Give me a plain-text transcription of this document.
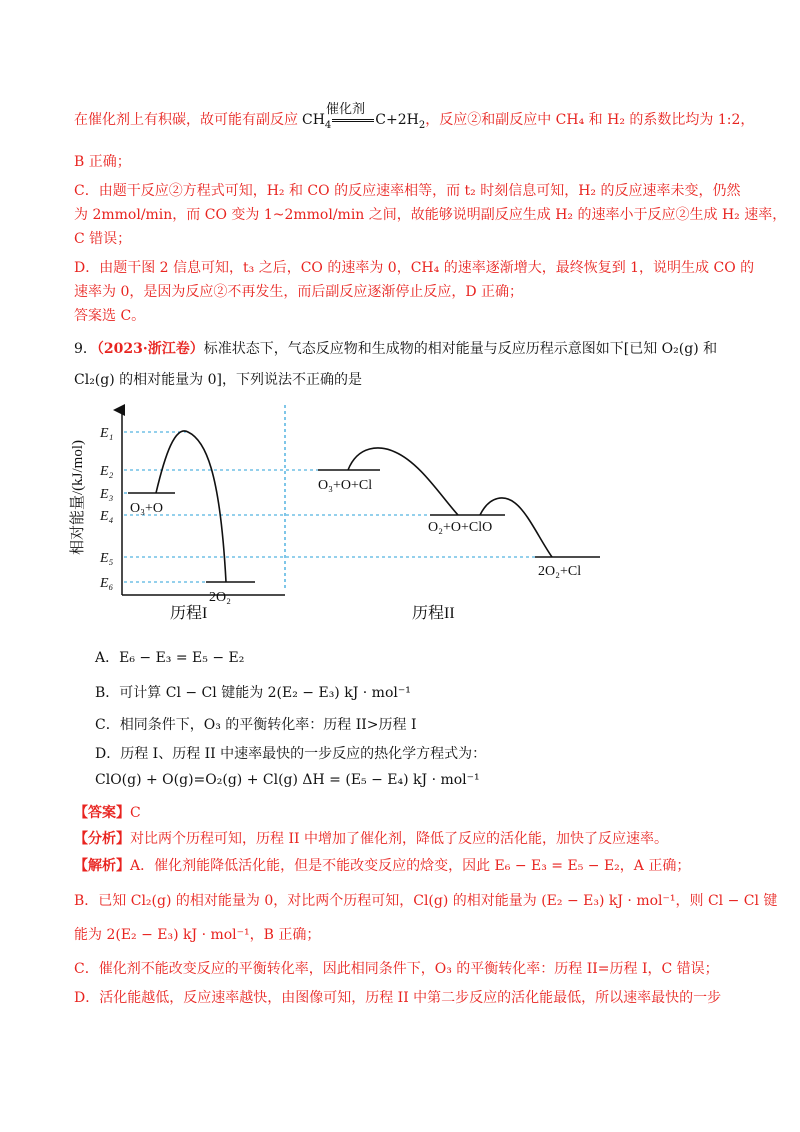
在催化剂上有积碳，故可能有副反应 $CH_4$	$C+2H_2$，反应②和副反应中 CH₄ 和 H₂ 的系数比均为 1:2，
催化剂
B 正确；
C．由题干反应②方程式可知，H₂ 和 CO 的反应速率相等，而 t₂ 时刻信息可知，H₂ 的反应速率未变，仍然
为 2mmol/min，而 CO 变为 1~2mmol/min 之间，故能够说明副反应生成 H₂ 的速率小于反应②生成 H₂ 速率，
C 错误；
D．由题干图 2 信息可知，t₃ 之后，CO 的速率为 0，CH₄ 的速率逐渐增大，最终恢复到 1，说明生成 CO 的
速率为 0，是因为反应②不再发生，而后副反应逐渐停止反应，D 正确；
答案选 C。
9．（2023·浙江卷）标准状态下，气态反应物和生成物的相对能量与反应历程示意图如下[已知 O₂(g) 和
Cl₂(g) 的相对能量为 0]，下列说法不正确的是
E₁
E₂
E₃
E₄
E₅
E₆
相对能量/(kJ/mol)	O₃+O
2O₂
O₃+O+Cl
O₂+O+ClO
2O₂+Cl
历程I	历程II
A．E₆ − E₃ = E₅ − E₂
B．可计算 Cl − Cl 键能为 2(E₂ − E₃) kJ · mol⁻¹
C．相同条件下，O₃ 的平衡转化率：历程 II>历程 I
D．历程 Ⅰ、历程 II 中速率最快的一步反应的热化学方程式为：
ClO(g) + O(g)=O₂(g) + Cl(g) ΔH = (E₅ − E₄) kJ · mol⁻¹
【答案】C
【分析】对比两个历程可知，历程 II 中增加了催化剂，降低了反应的活化能，加快了反应速率。
【解析】A．催化剂能降低活化能，但是不能改变反应的焓变，因此 E₆ − E₃ = E₅ − E₂，A 正确；
B．已知 Cl₂(g) 的相对能量为 0，对比两个历程可知，Cl(g) 的相对能量为 (E₂ − E₃) kJ · mol⁻¹，则 Cl − Cl 键
能为 2(E₂ − E₃) kJ · mol⁻¹，B 正确；
C．催化剂不能改变反应的平衡转化率，因此相同条件下，O₃ 的平衡转化率：历程 II=历程 I，C 错误；
D．活化能越低，反应速率越快，由图像可知，历程 II 中第二步反应的活化能最低，所以速率最快的一步
